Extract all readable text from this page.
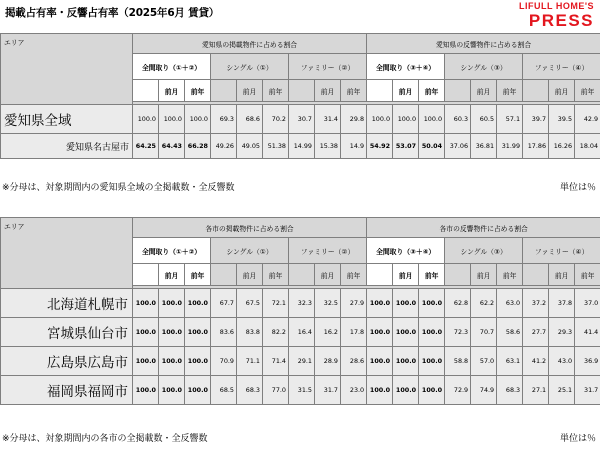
掲載占有率・反響占有率（2025年6月 賃貸）
LIFULL HOME'S
PRESS
エリア	愛知県の掲載物件に占める割合									愛知県の反響物件に占める割合								
	全間取り（①＋②）			シングル（①）			ファミリー（②）			全間取り（③＋④）			シングル（③）			ファミリー（④）		
		前月	前年		前月	前年		前月	前年		前月	前年		前月	前年		前月	前年

愛知県全域	100.0	100.0	100.0	69.3	68.6	70.2	30.7	31.4	29.8	100.0	100.0	100.0	60.3	60.5	57.1	39.7	39.5	42.9
愛知県名古屋市	64.25	64.43	66.28	49.26	49.05	51.38	14.99	15.38	14.9	54.92	53.07	50.04	37.06	36.81	31.99	17.86	16.26	18.04
※分母は、対象期間内の愛知県全域の全掲載数・全反響数	単位は％
エリア	各市の掲載物件に占める割合									各市の反響物件に占める割合								
	全間取り（①＋②）			シングル（①）			ファミリー（②）			全間取り（③＋④）			シングル（③）			ファミリー（④）		
		前月	前年		前月	前年		前月	前年		前月	前年		前月	前年		前月	前年

北海道札幌市	100.0	100.0	100.0	67.7	67.5	72.1	32.3	32.5	27.9	100.0	100.0	100.0	62.8	62.2	63.0	37.2	37.8	37.0
宮城県仙台市	100.0	100.0	100.0	83.6	83.8	82.2	16.4	16.2	17.8	100.0	100.0	100.0	72.3	70.7	58.6	27.7	29.3	41.4
広島県広島市	100.0	100.0	100.0	70.9	71.1	71.4	29.1	28.9	28.6	100.0	100.0	100.0	58.8	57.0	63.1	41.2	43.0	36.9
福岡県福岡市	100.0	100.0	100.0	68.5	68.3	77.0	31.5	31.7	23.0	100.0	100.0	100.0	72.9	74.9	68.3	27.1	25.1	31.7
※分母は、対象期間内の各市の全掲載数・全反響数	単位は％
